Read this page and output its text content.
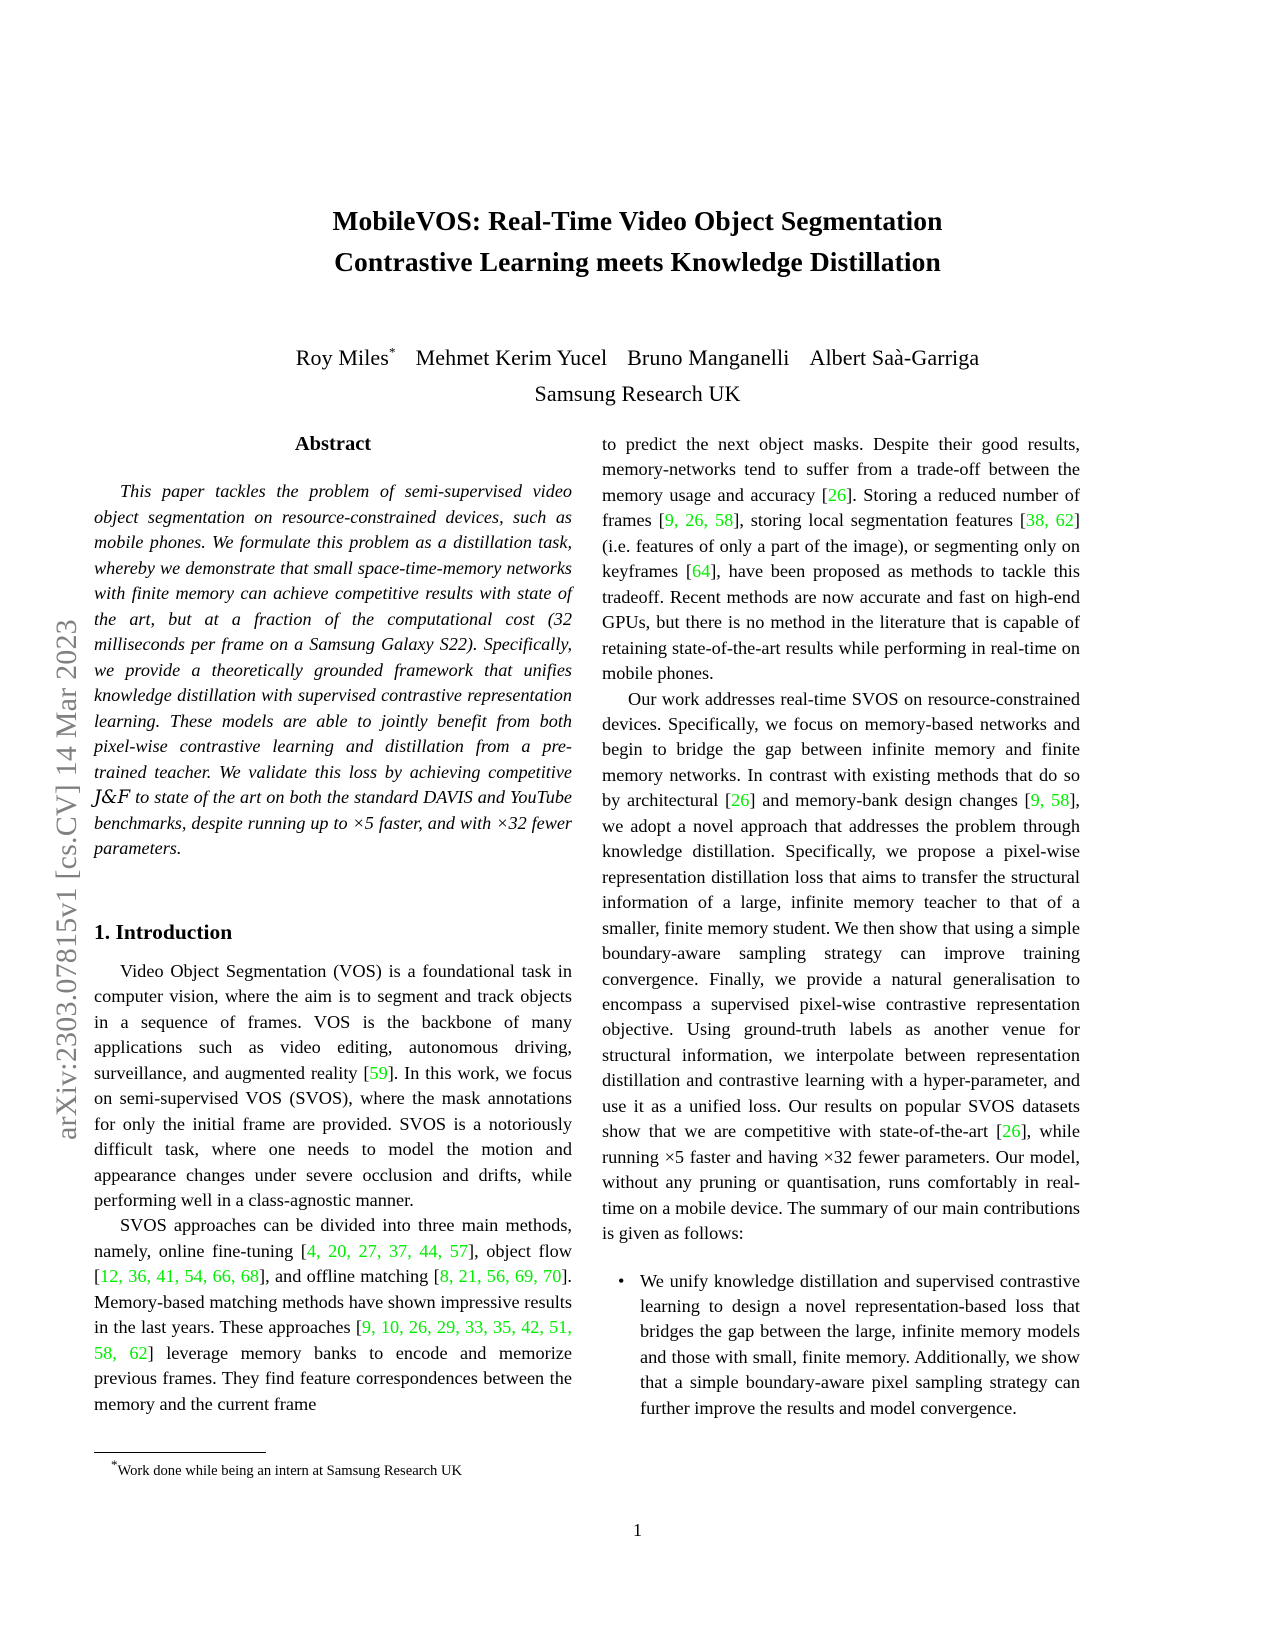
arXiv:2303.07815v1 [cs.CV] 14 Mar 2023
MobileVOS: Real-Time Video Object Segmentation
Contrastive Learning meets Knowledge Distillation
Roy Miles* Mehmet Kerim Yucel Bruno Manganelli Albert Saà-Garriga
Samsung Research UK
Abstract

This paper tackles the problem of semi-supervised video object segmentation on resource-constrained devices, such as mobile phones. We formulate this problem as a distillation task, whereby we demonstrate that small space-time-memory networks with finite memory can achieve competitive results with state of the art, but at a fraction of the computational cost (32 milliseconds per frame on a Samsung Galaxy S22). Specifically, we provide a theoretically grounded framework that unifies knowledge distillation with supervised contrastive representation learning. These models are able to jointly benefit from both pixel-wise contrastive learning and distillation from a pre-trained teacher. We validate this loss by achieving competitive J&F to state of the art on both the standard DAVIS and YouTube benchmarks, despite running up to ×5 faster, and with ×32 fewer parameters.

1. Introduction

Video Object Segmentation (VOS) is a foundational task in computer vision, where the aim is to segment and track objects in a sequence of frames. VOS is the backbone of many applications such as video editing, autonomous driving, surveillance, and augmented reality [59]. In this work, we focus on semi-supervised VOS (SVOS), where the mask annotations for only the initial frame are provided. SVOS is a notoriously difficult task, where one needs to model the motion and appearance changes under severe occlusion and drifts, while performing well in a class-agnostic manner.

SVOS approaches can be divided into three main methods, namely, online fine-tuning [4, 20, 27, 37, 44, 57], object flow [12, 36, 41, 54, 66, 68], and offline matching [8, 21, 56, 69, 70]. Memory-based matching methods have shown impressive results in the last years. These approaches [9, 10, 26, 29, 33, 35, 42, 51, 58, 62] leverage memory banks to encode and memorize previous frames. They find feature correspondences between the memory and the current frame

to predict the next object masks. Despite their good results, memory-networks tend to suffer from a trade-off between the memory usage and accuracy [26]. Storing a reduced number of frames [9, 26, 58], storing local segmentation features [38, 62] (i.e. features of only a part of the image), or segmenting only on keyframes [64], have been proposed as methods to tackle this tradeoff. Recent methods are now accurate and fast on high-end GPUs, but there is no method in the literature that is capable of retaining state-of-the-art results while performing in real-time on mobile phones.

Our work addresses real-time SVOS on resource-constrained devices. Specifically, we focus on memory-based networks and begin to bridge the gap between infinite memory and finite memory networks. In contrast with existing methods that do so by architectural [26] and memory-bank design changes [9, 58], we adopt a novel approach that addresses the problem through knowledge distillation. Specifically, we propose a pixel-wise representation distillation loss that aims to transfer the structural information of a large, infinite memory teacher to that of a smaller, finite memory student. We then show that using a simple boundary-aware sampling strategy can improve training convergence. Finally, we provide a natural generalisation to encompass a supervised pixel-wise contrastive representation objective. Using ground-truth labels as another venue for structural information, we interpolate between representation distillation and contrastive learning with a hyper-parameter, and use it as a unified loss. Our results on popular SVOS datasets show that we are competitive with state-of-the-art [26], while running ×5 faster and having ×32 fewer parameters. Our model, without any pruning or quantisation, runs comfortably in real-time on a mobile device. The summary of our main contributions is given as follows:

• We unify knowledge distillation and supervised contrastive learning to design a novel representation-based loss that bridges the gap between the large, infinite memory models and those with small, finite memory. Additionally, we show that a simple boundary-aware pixel sampling strategy can further improve the results and model convergence.
*Work done while being an intern at Samsung Research UK
1
